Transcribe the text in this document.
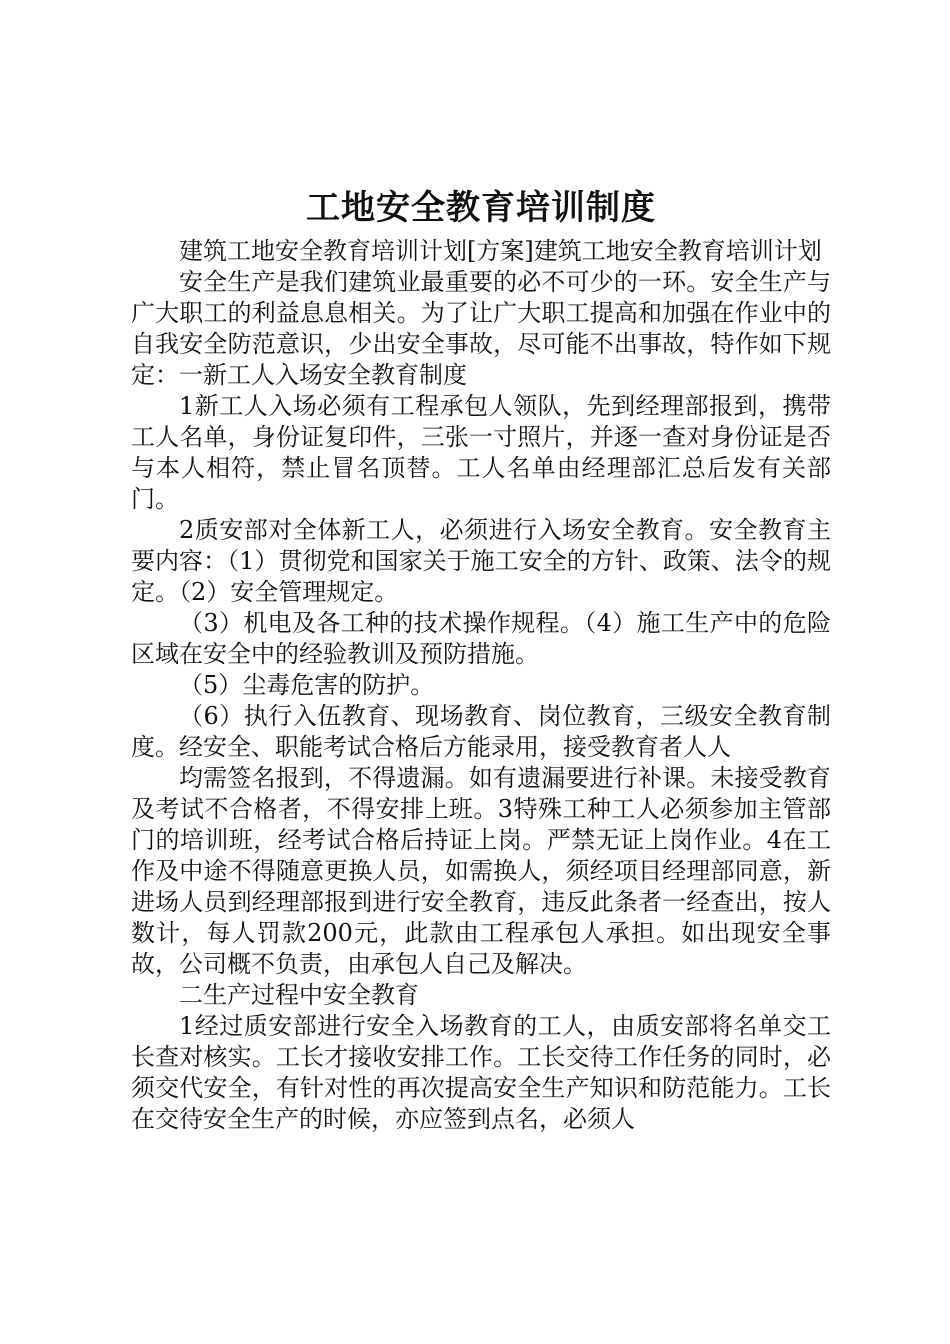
工地安全教育培训制度

建筑工地安全教育培训计划[方案]建筑工地安全教育培训计划

安全生产是我们建筑业最重要的必不可少的一环。安全生产与广大职工的利益息息相关。为了让广大职工提高和加强在作业中的自我安全防范意识，少出安全事故，尽可能不出事故，特作如下规定：一新工人入场安全教育制度

1新工人入场必须有工程承包人领队，先到经理部报到，携带工人名单，身份证复印件，三张一寸照片，并逐一查对身份证是否与本人相符，禁止冒名顶替。工人名单由经理部汇总后发有关部门。

2质安部对全体新工人，必须进行入场安全教育。安全教育主要内容：（1）贯彻党和国家关于施工安全的方针、政策、法令的规定。（2）安全管理规定。

（3）机电及各工种的技术操作规程。（4）施工生产中的危险区域在安全中的经验教训及预防措施。

（5）尘毒危害的防护。

（6）执行入伍教育、现场教育、岗位教育，三级安全教育制度。经安全、职能考试合格后方能录用，接受教育者人人

均需签名报到，不得遗漏。如有遗漏要进行补课。未接受教育及考试不合格者，不得安排上班。3特殊工种工人必须参加主管部门的培训班，经考试合格后持证上岗。严禁无证上岗作业。4在工作及中途不得随意更换人员，如需换人，须经项目经理部同意，新进场人员到经理部报到进行安全教育，违反此条者一经查出，按人数计，每人罚款200元，此款由工程承包人承担。如出现安全事故，公司概不负责，由承包人自己及解决。

二生产过程中安全教育

1经过质安部进行安全入场教育的工人，由质安部将名单交工长查对核实。工长才接收安排工作。工长交待工作任务的同时，必须交代安全，有针对性的再次提高安全生产知识和防范能力。工长在交待安全生产的时候，亦应签到点名，必须人
